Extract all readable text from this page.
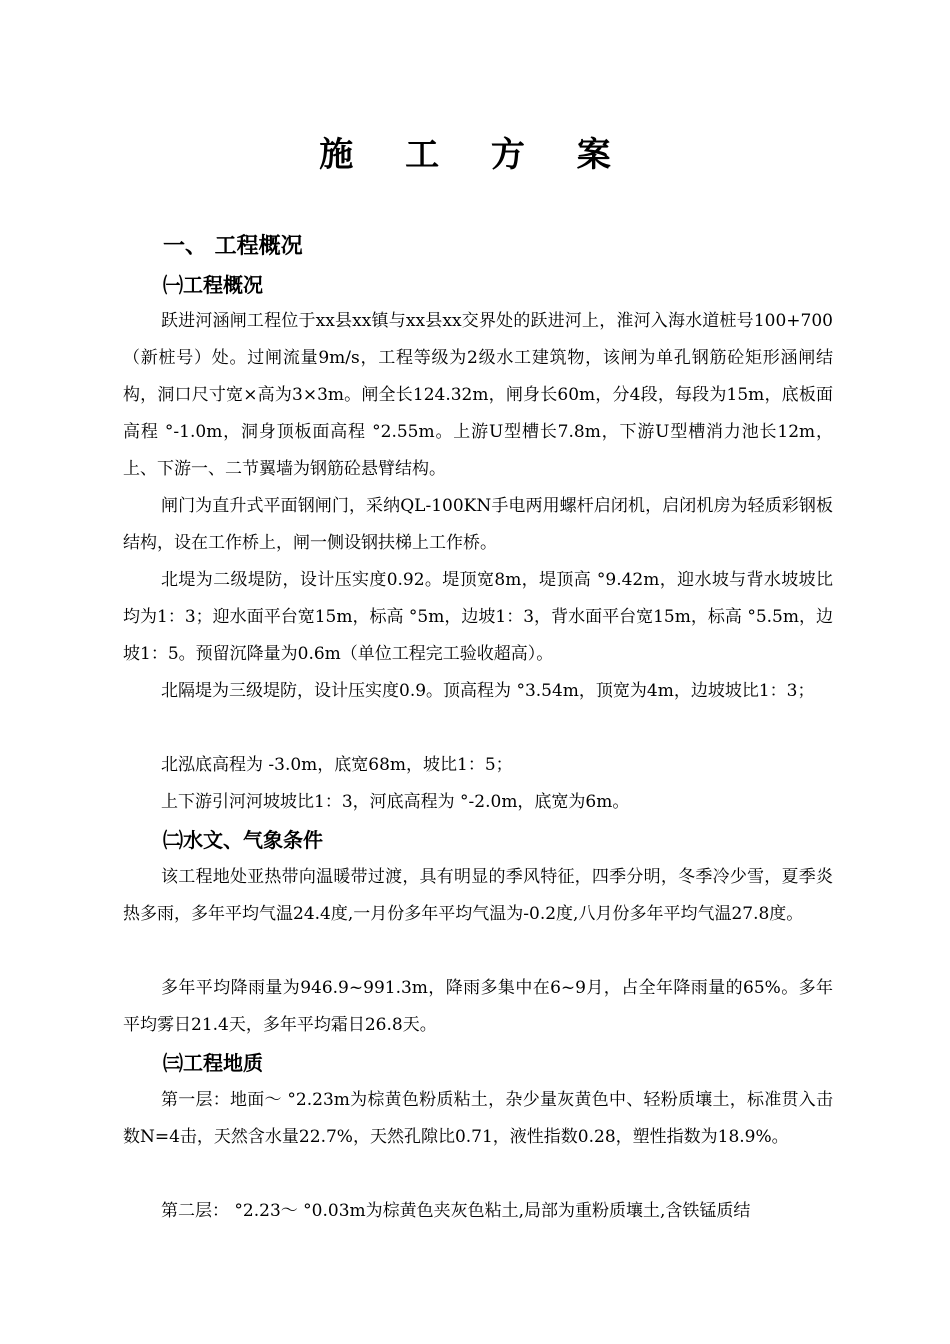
施 工 方 案
一、 工程概况
㈠工程概况

跃进河涵闸工程位于xx县xx镇与xx县xx交界处的跃进河上，淮河入海水道桩号100+700（新桩号）处。过闸流量9m/s，工程等级为2级水工建筑物，该闸为单孔钢筋砼矩形涵闸结构，洞口尺寸宽×高为3×3m。闸全长124.32m，闸身长60m，分4段，每段为15m，底板面高程 °-1.0m，洞身顶板面高程 °2.55m。上游U型槽长7.8m，下游U型槽消力池长12m，上、下游一、二节翼墙为钢筋砼悬臂结构。

闸门为直升式平面钢闸门，采纳QL-100KN手电两用螺杆启闭机，启闭机房为轻质彩钢板结构，设在工作桥上，闸一侧设钢扶梯上工作桥。

北堤为二级堤防，设计压实度0.92。堤顶宽8m，堤顶高 °9.42m，迎水坡与背水坡坡比均为1：3；迎水面平台宽15m，标高 °5m，边坡1：3，背水面平台宽15m，标高 °5.5m，边坡1：5。预留沉降量为0.6m（单位工程完工验收超高）。

北隔堤为三级堤防，设计压实度0.9。顶高程为 °3.54m，顶宽为4m，边坡坡比1：3；

北泓底高程为 -3.0m，底宽68m，坡比1：5；

上下游引河河坡坡比1：3，河底高程为 °-2.0m，底宽为6m。

㈡水文、气象条件

该工程地处亚热带向温暖带过渡，具有明显的季风特征，四季分明，冬季冷少雪，夏季炎热多雨，多年平均气温24.4度,一月份多年平均气温为-0.2度,八月份多年平均气温27.8度。

多年平均降雨量为946.9~991.3m，降雨多集中在6~9月，占全年降雨量的65%。多年平均雾日21.4天，多年平均霜日26.8天。

㈢工程地质

第一层：地面～ °2.23m为棕黄色粉质粘土，杂少量灰黄色中、轻粉质壤土，标准贯入击数N=4击，天然含水量22.7%，天然孔隙比0.71，液性指数0.28，塑性指数为18.9%。

第二层： °2.23～ °0.03m为棕黄色夹灰色粘土,局部为重粉质壤土,含铁锰质结
